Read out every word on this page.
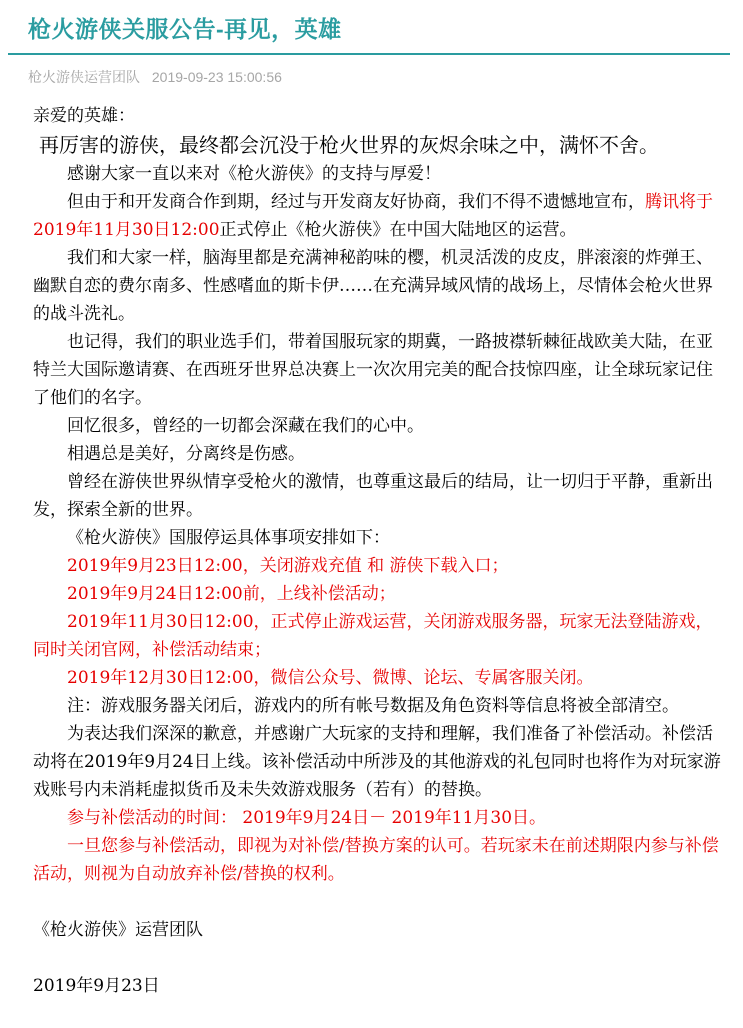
枪火游侠关服公告-再见，英雄
枪火游侠运营团队 2019-09-23 15:00:56

亲爱的英雄：

再厉害的游侠，最终都会沉没于枪火世界的灰烬余味之中，满怀不舍。

感谢大家一直以来对《枪火游侠》的支持与厚爱！

但由于和开发商合作到期，经过与开发商友好协商，我们不得不遗憾地宣布，腾讯将于2019年11月30日12:00正式停止《枪火游侠》在中国大陆地区的运营。

我们和大家一样，脑海里都是充满神秘韵味的樱，机灵活泼的皮皮，胖滚滚的炸弹王、幽默自恋的费尔南多、性感嗜血的斯卡伊……在充满异域风情的战场上，尽情体会枪火世界的战斗洗礼。

也记得，我们的职业选手们，带着国服玩家的期冀，一路披襟斩棘征战欧美大陆，在亚特兰大国际邀请赛、在西班牙世界总决赛上一次次用完美的配合技惊四座，让全球玩家记住了他们的名字。

回忆很多，曾经的一切都会深藏在我们的心中。

相遇总是美好，分离终是伤感。

曾经在游侠世界纵情享受枪火的激情，也尊重这最后的结局，让一切归于平静，重新出发，探索全新的世界。

《枪火游侠》国服停运具体事项安排如下：

2019年9月23日12:00，关闭游戏充值 和 游侠下载入口；

2019年9月24日12:00前，上线补偿活动；

2019年11月30日12:00，正式停止游戏运营，关闭游戏服务器，玩家无法登陆游戏，同时关闭官网，补偿活动结束；

2019年12月30日12:00，微信公众号、微博、论坛、专属客服关闭。

注：游戏服务器关闭后，游戏内的所有帐号数据及角色资料等信息将被全部清空。

为表达我们深深的歉意，并感谢广大玩家的支持和理解，我们准备了补偿活动。补偿活动将在2019年9月24日上线。该补偿活动中所涉及的其他游戏的礼包同时也将作为对玩家游戏账号内未消耗虚拟货币及未失效游戏服务（若有）的替换。

参与补偿活动的时间： 2019年9月24日－ 2019年11月30日。

一旦您参与补偿活动，即视为对补偿/替换方案的认可。若玩家未在前述期限内参与补偿活动，则视为自动放弃补偿/替换的权利。

《枪火游侠》运营团队

2019年9月23日
